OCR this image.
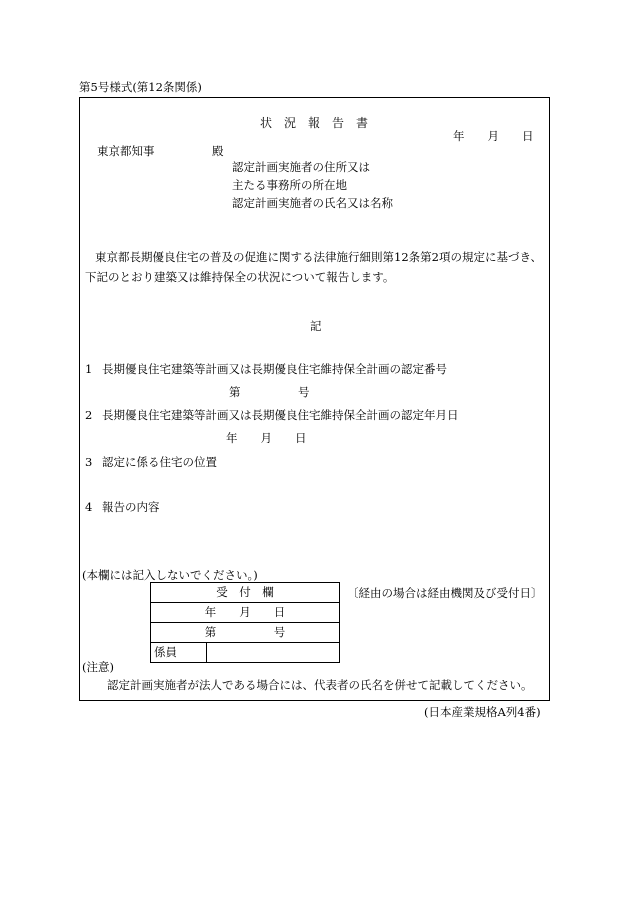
第5号様式(第12条関係)
状　況　報　告　書
年　　月　　日
東京都知事　　　　　殿
認定計画実施者の住所又は
主たる事務所の所在地
認定計画実施者の氏名又は名称
東京都長期優良住宅の普及の促進に関する法律施行細則第12条第2項の規定に基づき、
下記のとおり建築又は維持保全の状況について報告します。
記
1 長期優良住宅建築等計画又は長期優良住宅維持保全計画の認定番号
第　　　　　号
2 長期優良住宅建築等計画又は長期優良住宅維持保全計画の認定年月日
年　　月　　日
3 認定に係る住宅の位置
4 報告の内容
(本欄には記入しないでください。)
受　付　欄
年　　月　　日
第　　　　　号
係員	
〔経由の場合は経由機関及び受付日〕
(注意)
認定計画実施者が法人である場合には、代表者の氏名を併せて記載してください。
(日本産業規格A列4番)
